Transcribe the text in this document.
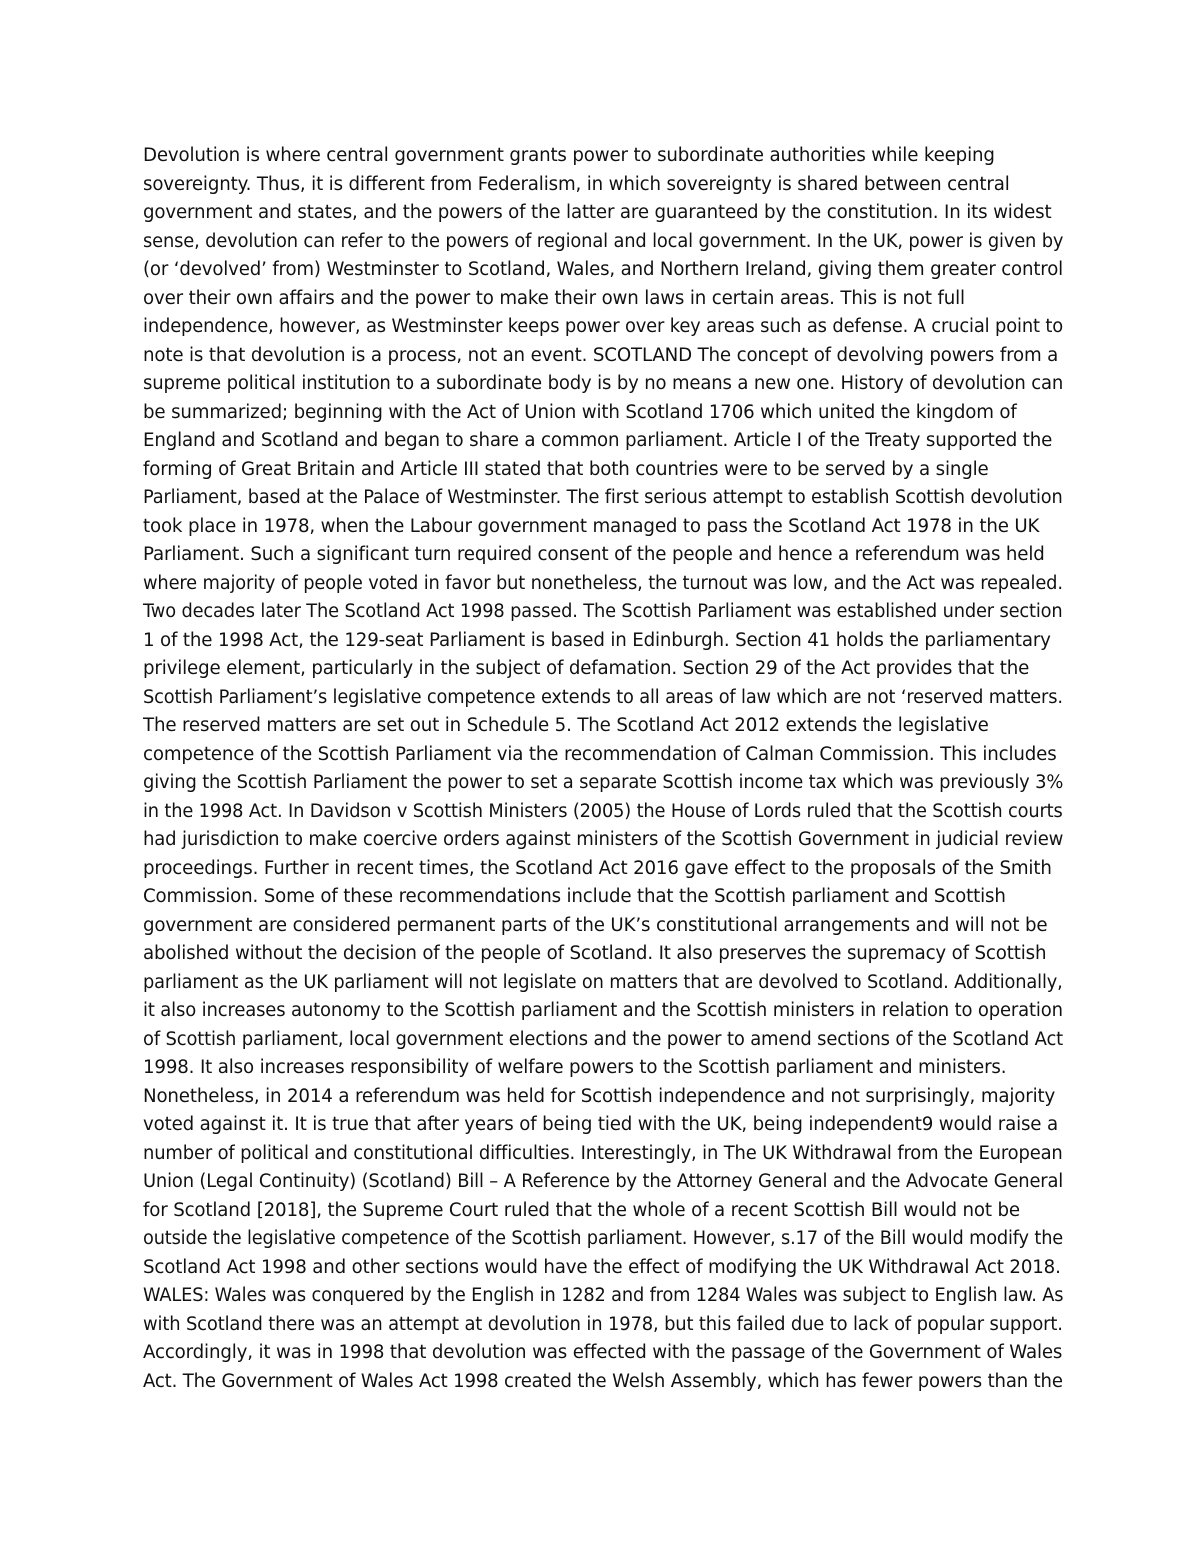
Devolution is where central government grants power to subordinate authorities while keeping
sovereignty. Thus, it is different from Federalism, in which sovereignty is shared between central
government and states, and the powers of the latter are guaranteed by the constitution. In its widest
sense, devolution can refer to the powers of regional and local government. In the UK, power is given by
(or ‘devolved’ from) Westminster to Scotland, Wales, and Northern Ireland, giving them greater control
over their own affairs and the power to make their own laws in certain areas. This is not full
independence, however, as Westminster keeps power over key areas such as defense. A crucial point to
note is that devolution is a process, not an event. SCOTLAND The concept of devolving powers from a
supreme political institution to a subordinate body is by no means a new one. History of devolution can
be summarized; beginning with the Act of Union with Scotland 1706 which united the kingdom of
England and Scotland and began to share a common parliament. Article I of the Treaty supported the
forming of Great Britain and Article III stated that both countries were to be served by a single
Parliament, based at the Palace of Westminster. The first serious attempt to establish Scottish devolution
took place in 1978, when the Labour government managed to pass the Scotland Act 1978 in the UK
Parliament. Such a significant turn required consent of the people and hence a referendum was held
where majority of people voted in favor but nonetheless, the turnout was low, and the Act was repealed.
Two decades later The Scotland Act 1998 passed. The Scottish Parliament was established under section
1 of the 1998 Act, the 129-seat Parliament is based in Edinburgh. Section 41 holds the parliamentary
privilege element, particularly in the subject of defamation. Section 29 of the Act provides that the
Scottish Parliament’s legislative competence extends to all areas of law which are not ‘reserved matters.
The reserved matters are set out in Schedule 5. The Scotland Act 2012 extends the legislative
competence of the Scottish Parliament via the recommendation of Calman Commission. This includes
giving the Scottish Parliament the power to set a separate Scottish income tax which was previously 3%
in the 1998 Act. In Davidson v Scottish Ministers (2005) the House of Lords ruled that the Scottish courts
had jurisdiction to make coercive orders against ministers of the Scottish Government in judicial review
proceedings. Further in recent times, the Scotland Act 2016 gave effect to the proposals of the Smith
Commission. Some of these recommendations include that the Scottish parliament and Scottish
government are considered permanent parts of the UK’s constitutional arrangements and will not be
abolished without the decision of the people of Scotland. It also preserves the supremacy of Scottish
parliament as the UK parliament will not legislate on matters that are devolved to Scotland. Additionally,
it also increases autonomy to the Scottish parliament and the Scottish ministers in relation to operation
of Scottish parliament, local government elections and the power to amend sections of the Scotland Act
1998. It also increases responsibility of welfare powers to the Scottish parliament and ministers.
Nonetheless, in 2014 a referendum was held for Scottish independence and not surprisingly, majority
voted against it. It is true that after years of being tied with the UK, being independent9 would raise a
number of political and constitutional difficulties. Interestingly, in The UK Withdrawal from the European
Union (Legal Continuity) (Scotland) Bill – A Reference by the Attorney General and the Advocate General
for Scotland [2018], the Supreme Court ruled that the whole of a recent Scottish Bill would not be
outside the legislative competence of the Scottish parliament. However, s.17 of the Bill would modify the
Scotland Act 1998 and other sections would have the effect of modifying the UK Withdrawal Act 2018.
WALES: Wales was conquered by the English in 1282 and from 1284 Wales was subject to English law. As
with Scotland there was an attempt at devolution in 1978, but this failed due to lack of popular support.
Accordingly, it was in 1998 that devolution was effected with the passage of the Government of Wales
Act. The Government of Wales Act 1998 created the Welsh Assembly, which has fewer powers than the
